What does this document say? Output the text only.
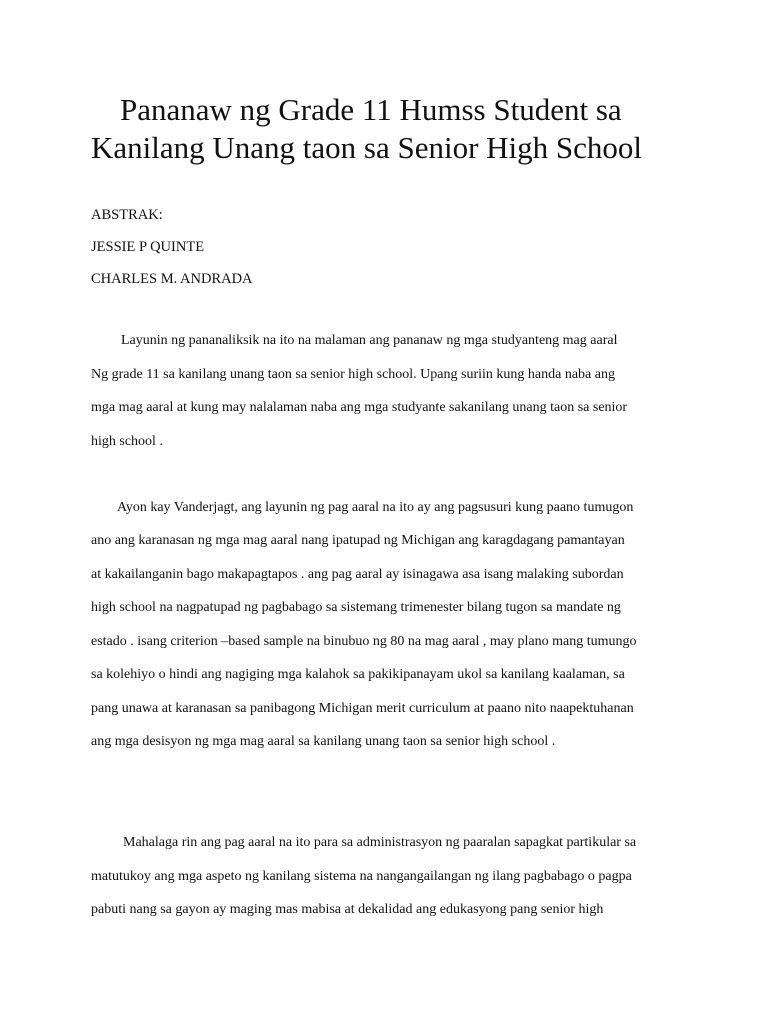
Pananaw ng Grade 11 Humss Student sa
Kanilang Unang taon sa Senior High School
ABSTRAK:
JESSIE P QUINTE
CHARLES M. ANDRADA
Layunin ng pananaliksik na ito na malaman ang pananaw ng mga studyanteng mag aaral
Ng grade 11 sa kanilang unang taon sa senior high school. Upang suriin kung handa naba ang
mga mag aaral at kung may nalalaman naba ang mga studyante sakanilang unang taon sa senior
high school .
Ayon kay Vanderjagt, ang layunin ng pag aaral na ito ay ang pagsusuri kung paano tumugon
ano ang karanasan ng mga mag aaral nang ipatupad ng Michigan ang karagdagang pamantayan
at kakailanganin bago makapagtapos . ang pag aaral ay isinagawa asa isang malaking subordan
high school na nagpatupad ng pagbabago sa sistemang trimenester bilang tugon sa mandate ng
estado . isang criterion –based sample na binubuo ng 80 na mag aaral , may plano mang tumungo
sa kolehiyo o hindi ang nagiging mga kalahok sa pakikipanayam ukol sa kanilang kaalaman, sa
pang unawa at karanasan sa panibagong Michigan merit curriculum at paano nito naapektuhanan
ang mga desisyon ng mga mag aaral sa kanilang unang taon sa senior high school .
Mahalaga rin ang pag aaral na ito para sa administrasyon ng paaralan sapagkat partikular sa
matutukoy ang mga aspeto ng kanilang sistema na nangangailangan ng ilang pagbabago o pagpa
pabuti nang sa gayon ay maging mas mabisa at dekalidad ang edukasyong pang senior high
